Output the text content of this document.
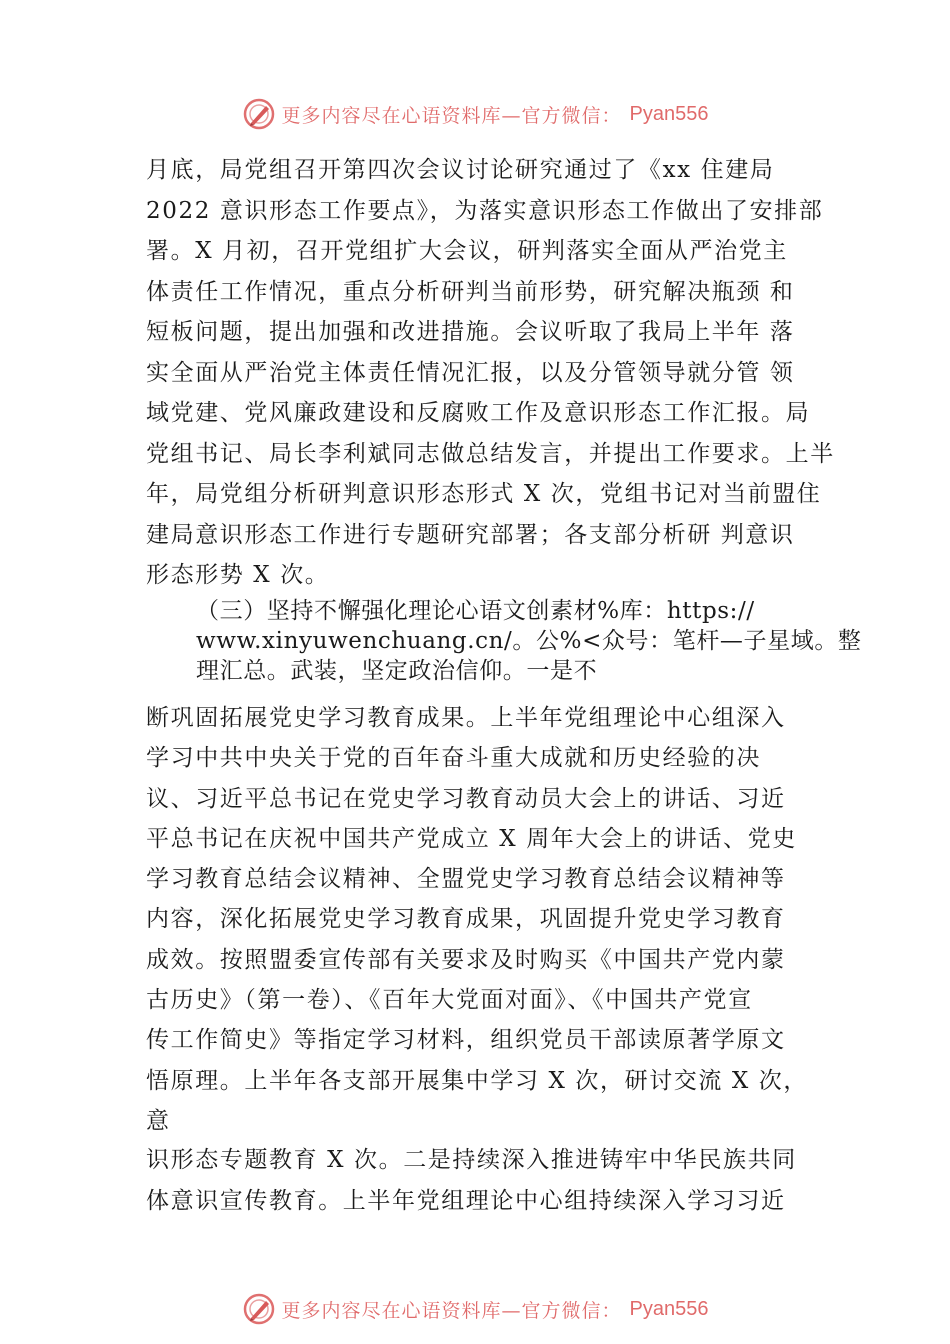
更多内容尽在心语资料库—官方微信： Pyan556
月底，局党组召开第四次会议讨论研究通过了《xx 住建局
2022 意识形态工作要点》，为落实意识形态工作做出了安排部
署。X 月初，召开党组扩大会议，研判落实全面从严治党主
体责任工作情况，重点分析研判当前形势，研究解决瓶颈 和
短板问题，提出加强和改进措施。会议听取了我局上半年 落
实全面从严治党主体责任情况汇报，以及分管领导就分管 领
域党建、党风廉政建设和反腐败工作及意识形态工作汇报。局
党组书记、局长李利斌同志做总结发言，并提出工作要求。上半
年，局党组分析研判意识形态形式 X 次，党组书记对当前盟住
建局意识形态工作进行专题研究部署；各支部分析研 判意识
形态形势 X 次。
（三）坚持不懈强化理论心语文创素材%库：https://
www.xinyuwenchuang.cn/。公%<众号：笔杆—子星域。整
理汇总。武装，坚定政治信仰。一是不
断巩固拓展党史学习教育成果。上半年党组理论中心组深入
学习中共中央关于党的百年奋斗重大成就和历史经验的决
议、习近平总书记在党史学习教育动员大会上的讲话、习近
平总书记在庆祝中国共产党成立 X 周年大会上的讲话、党史
学习教育总结会议精神、全盟党史学习教育总结会议精神等
内容，深化拓展党史学习教育成果，巩固提升党史学习教育
成效。按照盟委宣传部有关要求及时购买《中国共产党内蒙
古历史》（第一卷）、《百年大党面对面》、《中国共产党宣
传工作简史》等指定学习材料，组织党员干部读原著学原文
悟原理。上半年各支部开展集中学习 X 次，研讨交流 X 次，
意
识形态专题教育 X 次。二是持续深入推进铸牢中华民族共同
体意识宣传教育。上半年党组理论中心组持续深入学习习近
更多内容尽在心语资料库—官方微信： Pyan556
